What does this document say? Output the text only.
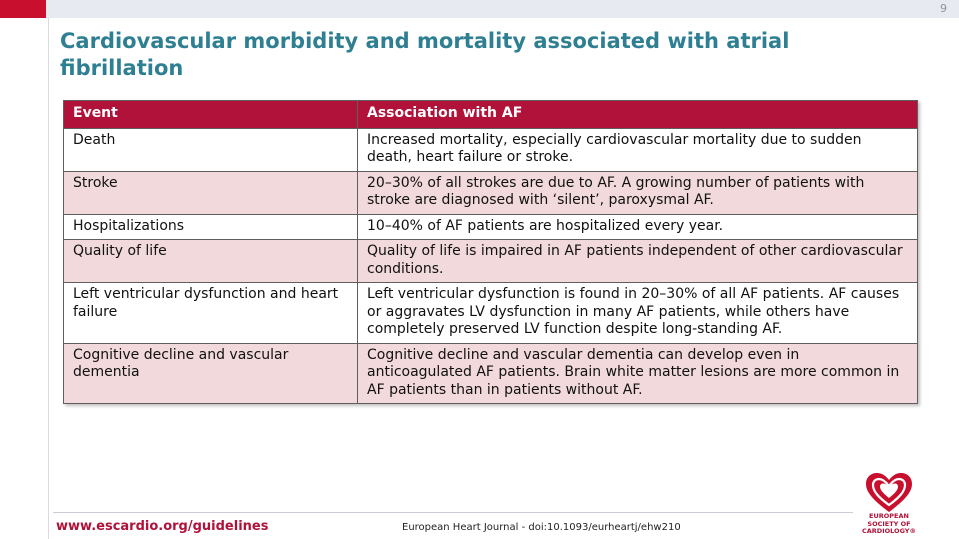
9
Cardiovascular morbidity and mortality associated with atrial fibrillation
Event	Association with AF
Death	Increased mortality, especially cardiovascular mortality due to sudden death, heart failure or stroke.
Stroke	20–30% of all strokes are due to AF. A growing number of patients with stroke are diagnosed with ‘silent’, paroxysmal AF.
Hospitalizations	10–40% of AF patients are hospitalized every year.
Quality of life	Quality of life is impaired in AF patients independent of other cardiovascular conditions.
Left ventricular dysfunction and heart failure	Left ventricular dysfunction is found in 20–30% of all AF patients. AF causes or aggravates LV dysfunction in many AF patients, while others have completely preserved LV function despite long-standing AF.
Cognitive decline and vascular dementia	Cognitive decline and vascular dementia can develop even in anticoagulated AF patients. Brain white matter lesions are more common in AF patients than in patients without AF.
www.escardio.org/guidelines	European Heart Journal - doi:10.1093/eurheartj/ehw210
EUROPEAN
SOCIETY OF
CARDIOLOGY®
